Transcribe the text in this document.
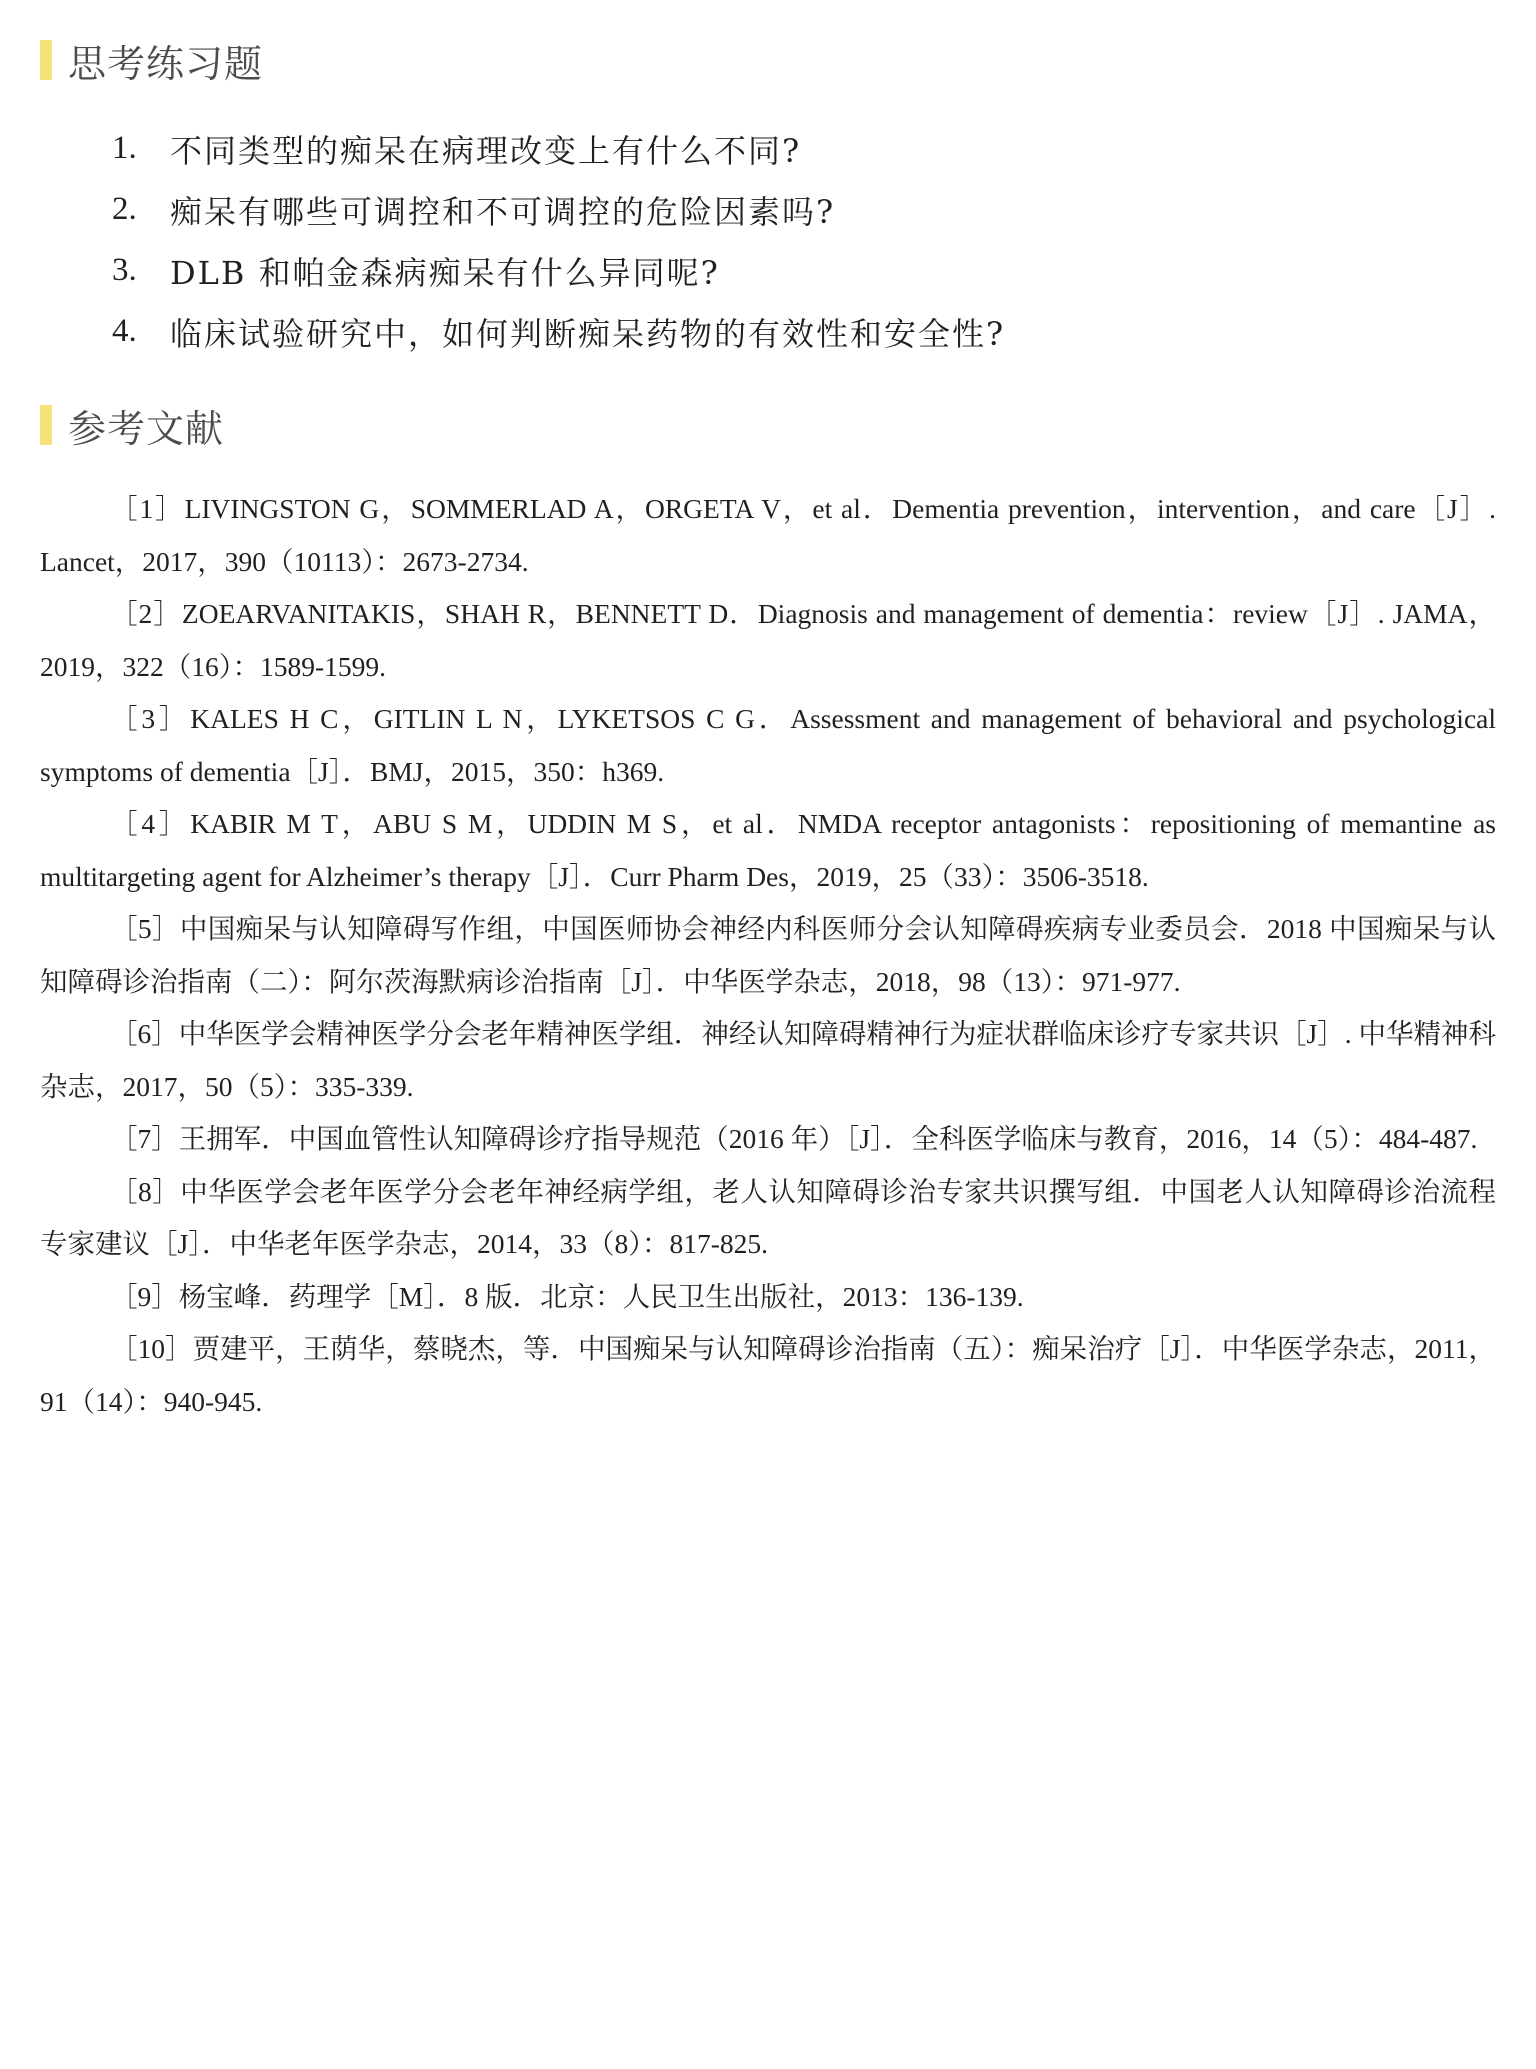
思考练习题
1.	不同类型的痴呆在病理改变上有什么不同?
2.	痴呆有哪些可调控和不可调控的危险因素吗?
3.	DLB 和帕金森病痴呆有什么异同呢?
4.	临床试验研究中，如何判断痴呆药物的有效性和安全性?
参考文献

［1］LIVINGSTON G，SOMMERLAD A，ORGETA V，et al．Dementia prevention，intervention，and care［J］. Lancet，2017，390（10113）：2673-2734.

［2］ZOEARVANITAKIS，SHAH R，BENNETT D．Diagnosis and management of dementia：review［J］. JAMA，2019，322（16）：1589-1599.

［3］KALES H C，GITLIN L N，LYKETSOS C G．Assessment and management of behavioral and psychological symptoms of dementia［J］．BMJ，2015，350：h369.

［4］KABIR M T，ABU S M，UDDIN M S，et al．NMDA receptor antagonists：repositioning of memantine as multitargeting agent for Alzheimer’s therapy［J］．Curr Pharm Des，2019，25（33）：3506-3518.

［5］中国痴呆与认知障碍写作组，中国医师协会神经内科医师分会认知障碍疾病专业委员会．2018 中国痴呆与认知障碍诊治指南（二）：阿尔茨海默病诊治指南［J］．中华医学杂志，2018，98（13）：971-977.

［6］中华医学会精神医学分会老年精神医学组．神经认知障碍精神行为症状群临床诊疗专家共识［J］. 中华精神科杂志，2017，50（5）：335-339.

［7］王拥军．中国血管性认知障碍诊疗指导规范（2016 年）［J］．全科医学临床与教育，2016，14（5）：484-487.

［8］中华医学会老年医学分会老年神经病学组，老人认知障碍诊治专家共识撰写组．中国老人认知障碍诊治流程专家建议［J］．中华老年医学杂志，2014，33（8）：817-825.

［9］杨宝峰．药理学［M］．8 版．北京：人民卫生出版社，2013：136-139.

［10］贾建平，王荫华，蔡晓杰，等．中国痴呆与认知障碍诊治指南（五）：痴呆治疗［J］．中华医学杂志，2011，91（14）：940-945.
